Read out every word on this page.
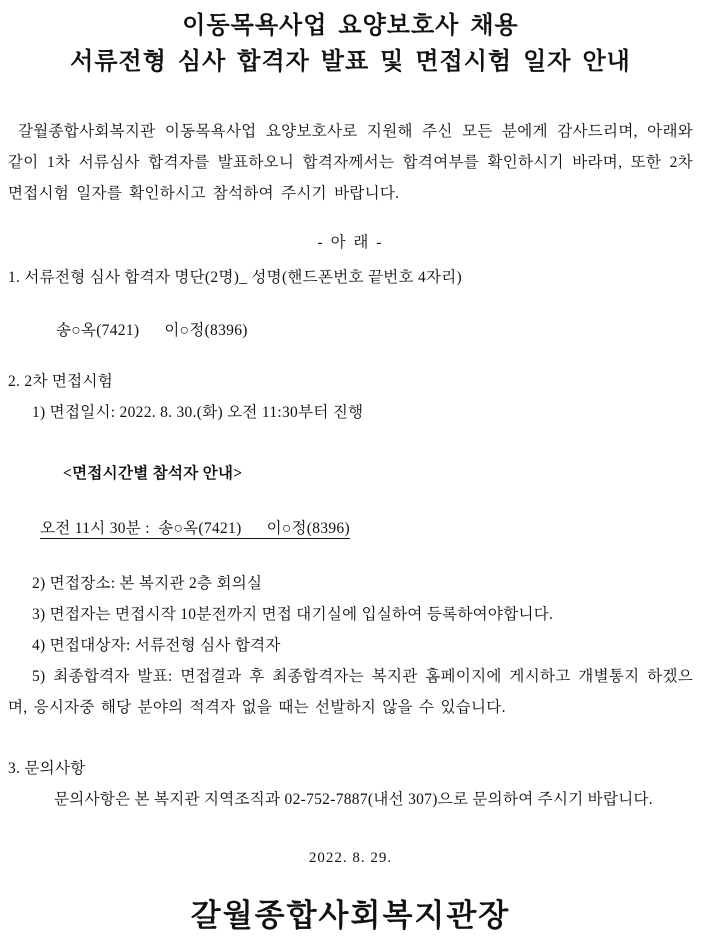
이동목욕사업 요양보호사 채용
서류전형 심사 합격자 발표 및 면접시험 일자 안내

갈월종합사회복지관 이동목욕사업 요양보호사로 지원해 주신 모든 분에게 감사드리며, 아래와 같이 1차 서류심사 합격자를 발표하오니 합격자께서는 합격여부를 확인하시기 바라며, 또한 2차 면접시험 일자를 확인하시고 참석하여 주시기 바랍니다.

- 아 래 -

1. 서류전형 심사 합격자 명단(2명)_ 성명(핸드폰번호 끝번호 4자리)

송○옥(7421)      이○정(8396)

2. 2차 면접시험

1) 면접일시: 2022. 8. 30.(화) 오전 11:30부터 진행

<면접시간별 참석자 안내>

오전 11시 30분 :  송○옥(7421)      이○정(8396)

2) 면접장소: 본 복지관 2층 회의실

3) 면접자는 면접시작 10분전까지 면접 대기실에 입실하여 등록하여야합니다.

4) 면접대상자: 서류전형 심사 합격자

5) 최종합격자 발표: 면접결과 후 최종합격자는 복지관 홈페이지에 게시하고 개별통지 하겠으며, 응시자중 해당 분야의 적격자 없을 때는 선발하지 않을 수 있습니다.

3. 문의사항

문의사항은 본 복지관 지역조직과 02-752-7887(내선 307)으로 문의하여 주시기 바랍니다.

2022. 8. 29.

갈월종합사회복지관장
